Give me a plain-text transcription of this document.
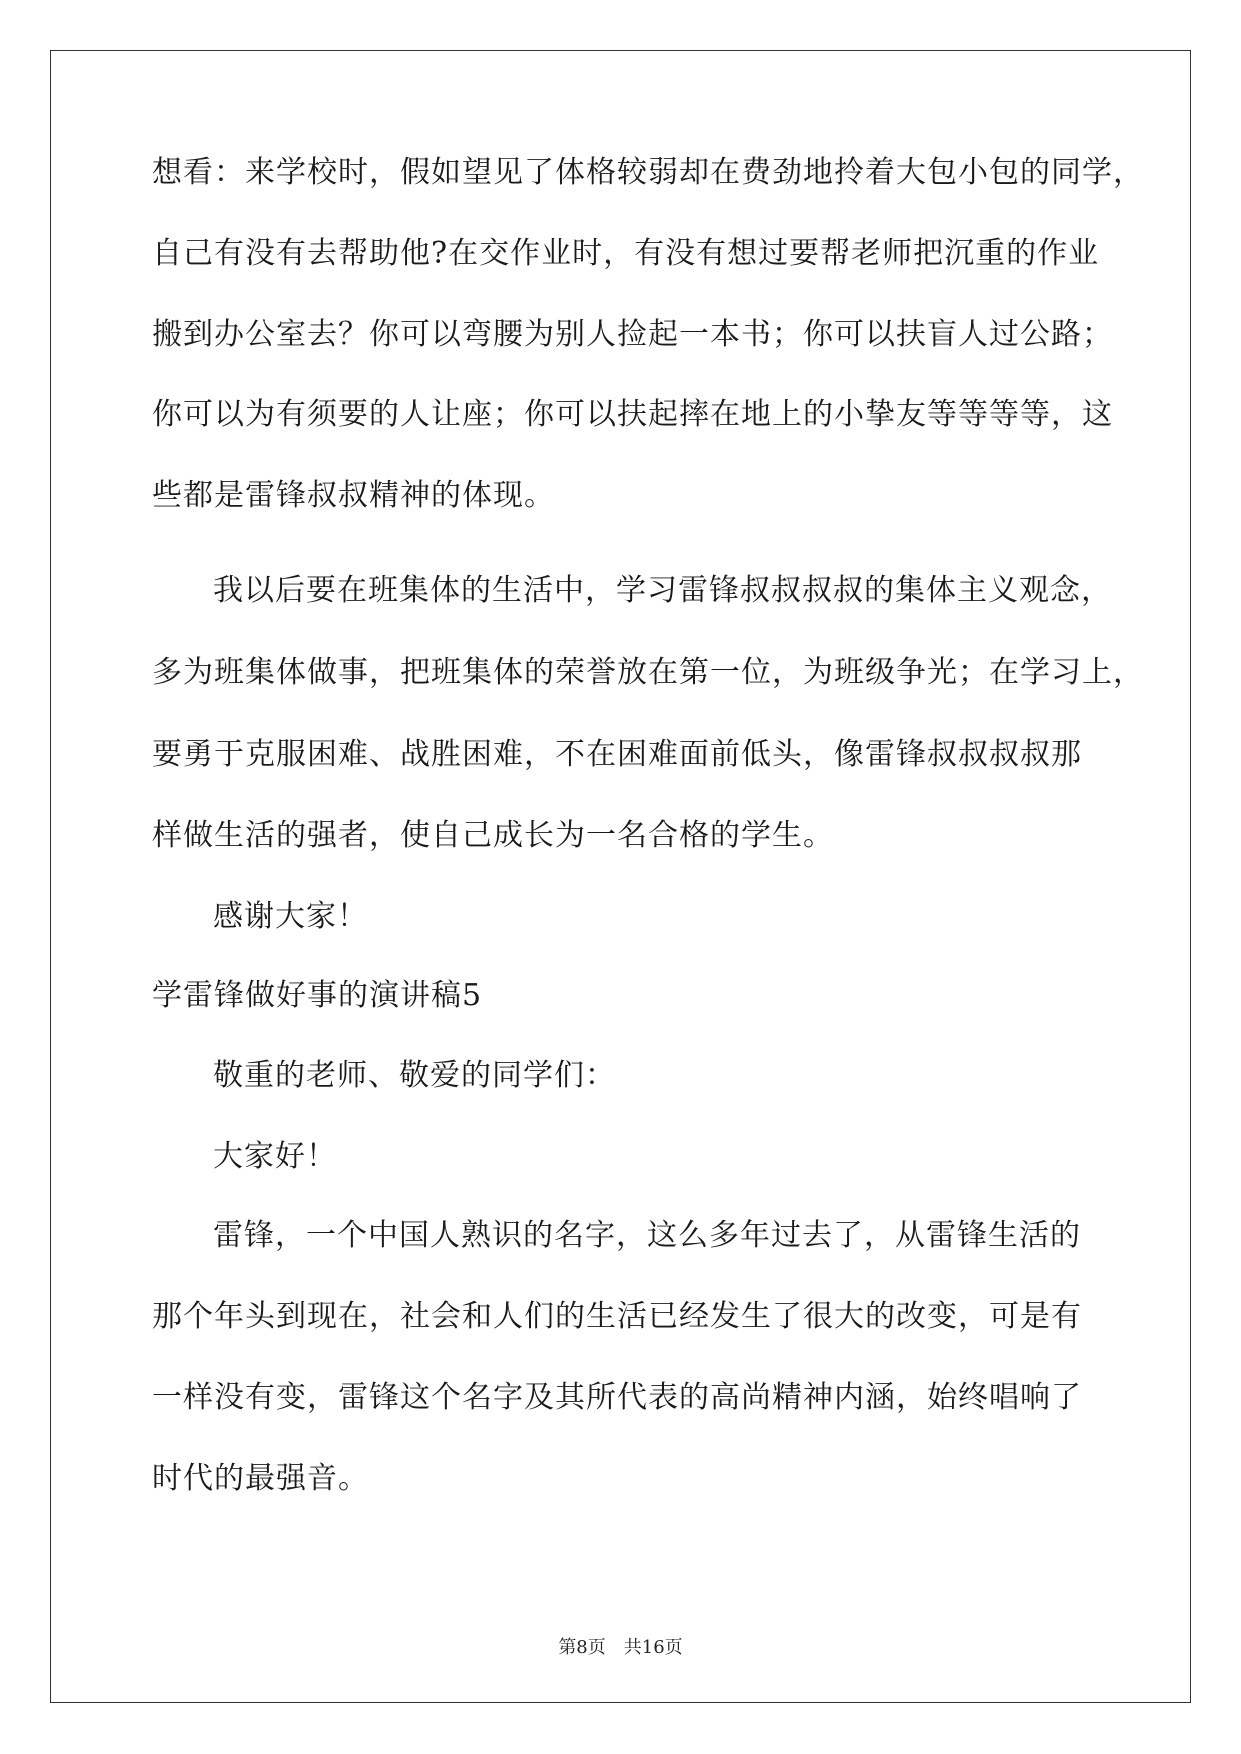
想看：来学校时，假如望见了体格较弱却在费劲地拎着大包小包的同学，
自己有没有去帮助他?在交作业时，有没有想过要帮老师把沉重的作业
搬到办公室去？你可以弯腰为别人捡起一本书；你可以扶盲人过公路；
你可以为有须要的人让座；你可以扶起摔在地上的小挚友等等等等，这
些都是雷锋叔叔精神的体现。
我以后要在班集体的生活中，学习雷锋叔叔叔叔的集体主义观念，
多为班集体做事，把班集体的荣誉放在第一位，为班级争光；在学习上，
要勇于克服困难、战胜困难，不在困难面前低头，像雷锋叔叔叔叔那
样做生活的强者，使自己成长为一名合格的学生。
感谢大家！
学雷锋做好事的演讲稿5
敬重的老师、敬爱的同学们：
大家好！
雷锋，一个中国人熟识的名字，这么多年过去了，从雷锋生活的
那个年头到现在，社会和人们的生活已经发生了很大的改变，可是有
一样没有变，雷锋这个名字及其所代表的高尚精神内涵，始终唱响了
时代的最强音。
第8页 共16页
